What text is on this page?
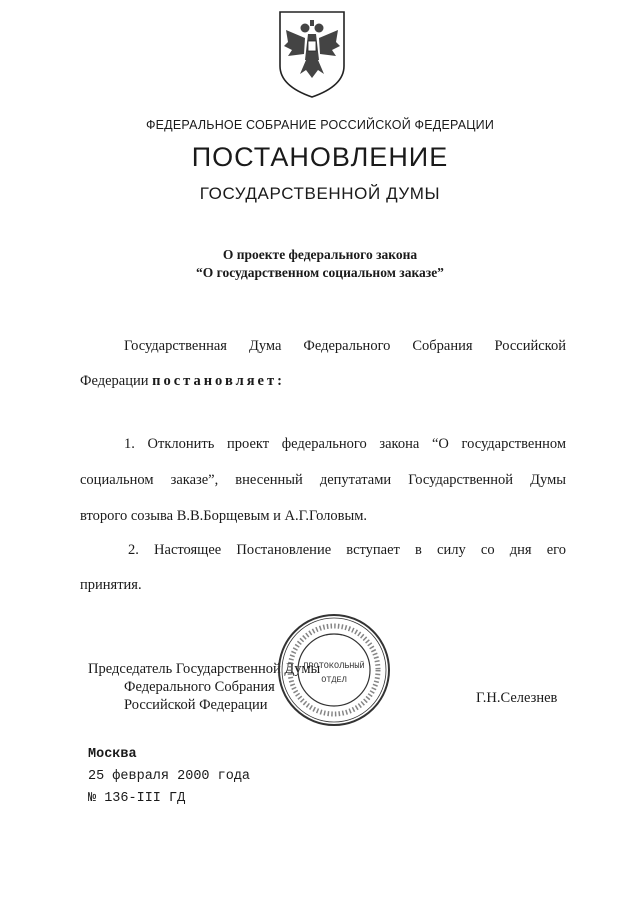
ФЕДЕРАЛЬНОЕ СОБРАНИЕ РОССИЙСКОЙ ФЕДЕРАЦИИ
ПОСТАНОВЛЕНИЕ
ГОСУДАРСТВЕННОЙ ДУМЫ
О проекте федерального закона
“О государственном социальном заказе”
Государственная Дума Федерального Собрания Российской
Федерации постановляет:
1. Отклонить проект федерального закона “О государственном
социальном заказе”, внесенный депутатами Государственной Думы
второго созыва В.В.Борщевым и А.Г.Головым.
2. Настоящее Постановление вступает в силу со дня его
принятия.
Председатель Государственной Думы
Федерального Собрания
Российской Федерации	Г.Н.Селезнев
ПРОТОКОЛЬНЫЙ
ОТДЕЛ
Москва
25 февраля 2000 года
№ 136-III ГД
